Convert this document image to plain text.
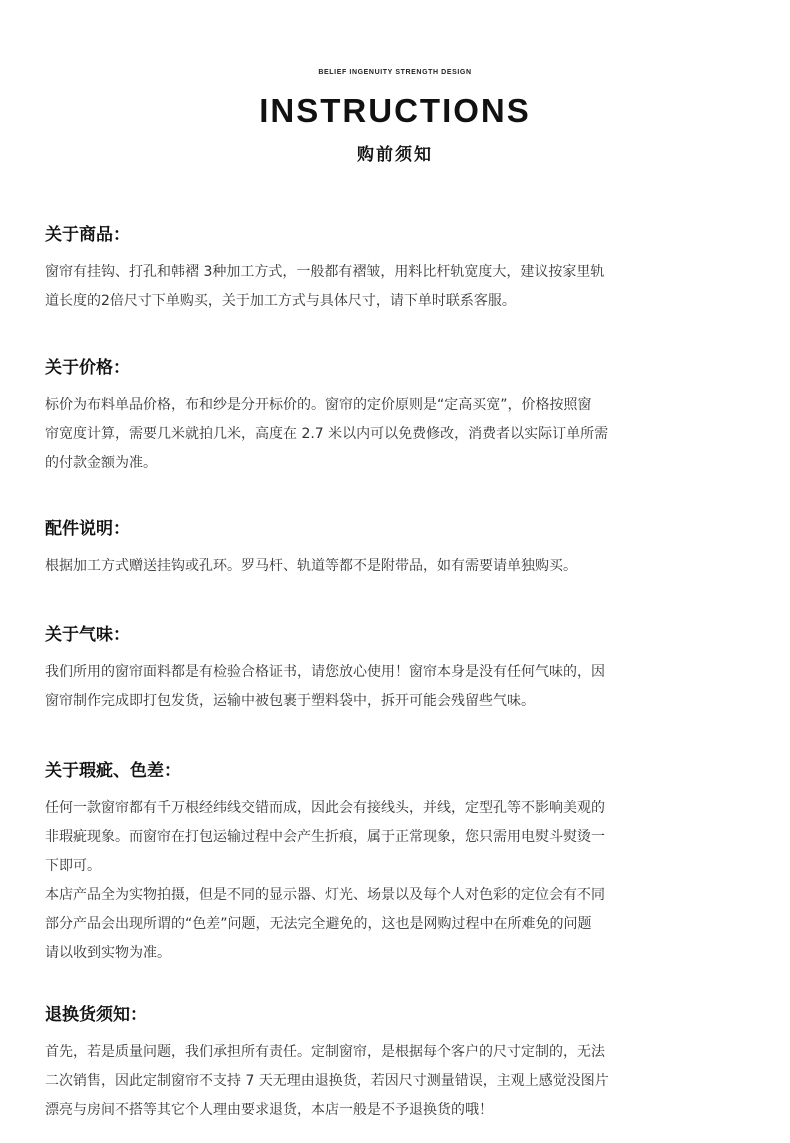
BELIEF INGENUITY STRENGTH DESIGN
INSTRUCTIONS
购前须知
关于商品：

窗帘有挂钩、打孔和韩褶 3种加工方式，一般都有褶皱，用料比杆轨宽度大，建议按家里轨

道长度的2倍尺寸下单购买，关于加工方式与具体尺寸，请下单时联系客服。

关于价格：

标价为布料单品价格，布和纱是分开标价的。窗帘的定价原则是“定高买宽”，价格按照窗

帘宽度计算，需要几米就拍几米，高度在 2.7 米以内可以免费修改，消费者以实际订单所需

的付款金额为准。

配件说明：

根据加工方式赠送挂钩或孔环。罗马杆、轨道等都不是附带品，如有需要请单独购买。

关于气味：

我们所用的窗帘面料都是有检验合格证书，请您放心使用！窗帘本身是没有任何气味的，因

窗帘制作完成即打包发货，运输中被包裹于塑料袋中，拆开可能会残留些气味。

关于瑕疵、色差：

任何一款窗帘都有千万根经纬线交错而成，因此会有接线头，并线，定型孔等不影响美观的

非瑕疵现象。而窗帘在打包运输过程中会产生折痕，属于正常现象，您只需用电熨斗熨烫一

下即可。

本店产品全为实物拍摄，但是不同的显示器、灯光、场景以及每个人对色彩的定位会有不同

部分产品会出现所谓的“色差”问题，无法完全避免的，这也是网购过程中在所难免的问题

请以收到实物为准。

退换货须知：

首先，若是质量问题，我们承担所有责任。定制窗帘，是根据每个客户的尺寸定制的，无法

二次销售，因此定制窗帘不支持 7 天无理由退换货，若因尺寸测量错误，主观上感觉没图片

漂亮与房间不搭等其它个人理由要求退货，本店一般是不予退换货的哦！
